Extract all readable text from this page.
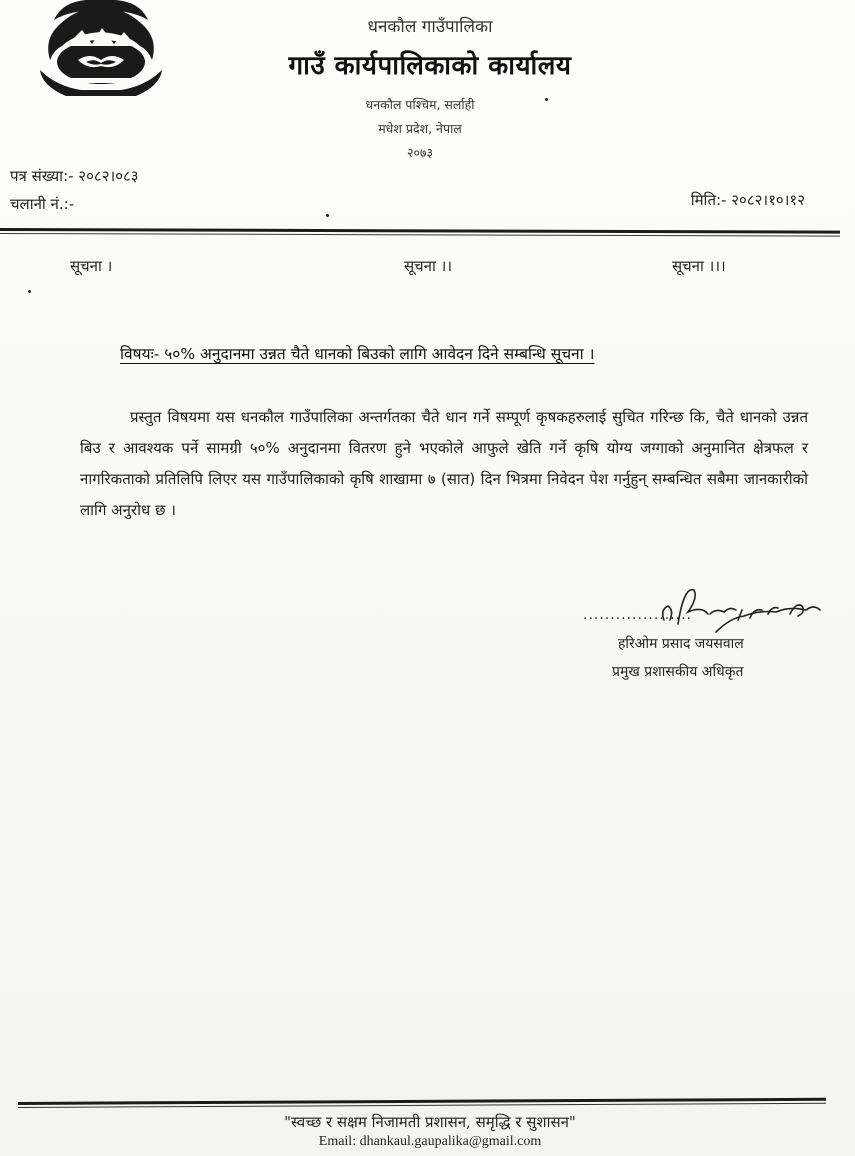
धनकौल गाउँपालिका
गाउँ कार्यपालिकाको कार्यालय
धनकौल पश्चिम, सर्लाही
मधेश प्रदेश, नेपाल
२०७३
पत्र संख्या:- २०८२।०८३
चलानी नं.:-	मिति:- २०८२।१०।१२
सूचना ।	सूचना ।।	सूचना ।।।
विषयः- ५०% अनुदानमा उन्नत चैते धानको बिउको लागि आवेदन दिने सम्बन्धि सूचना ।
प्रस्तुत विषयमा यस धनकौल गाउँपालिका अन्तर्गतका चैते धान गर्ने सम्पूर्ण कृषकहरुलाई सुचित गरिन्छ कि, चैते धानको उन्नत बिउ र आवश्यक पर्ने सामग्री ५०% अनुदानमा वितरण हुने भएकोले आफुले खेति गर्ने कृषि योग्य जग्गाको अनुमानित क्षेत्रफल र नागरिकताको प्रतिलिपि लिएर यस गाउँपालिकाको कृषि शाखामा ७ (सात) दिन भित्रमा निवेदन पेश गर्नुहुन् सम्बन्धित सबैमा जानकारीको लागि अनुरोध छ ।
....................
हरिओम प्रसाद जयसवाल
प्रमुख प्रशासकीय अधिकृत
"स्वच्छ र सक्षम निजामती प्रशासन, समृद्धि र सुशासन"
Email: dhankaul.gaupalika@gmail.com
